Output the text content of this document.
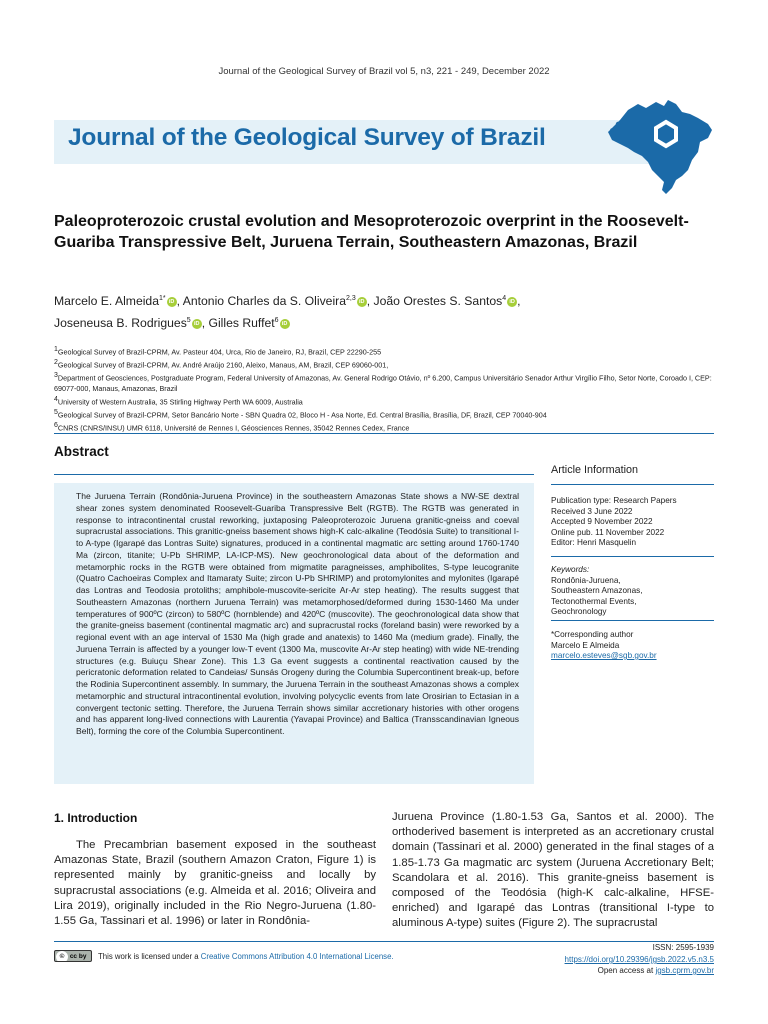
Journal of the Geological Survey of Brazil vol 5, n3, 221 - 249, December 2022
Journal of the Geological Survey of Brazil
Paleoproterozoic crustal evolution and Mesoproterozoic overprint in the Roosevelt-Guariba Transpressive Belt, Juruena Terrain, Southeastern Amazonas, Brazil
Marcelo E. Almeida$^{1*}$iD , Antonio Charles da S. Oliveira$^{2,3}$iD , João Orestes S. Santos$^4$iD ,
Joseneusa B. Rodrigues$^5$iD , Gilles Ruffet$^6$iD
$^1$Geological Survey of Brazil-CPRM, Av. Pasteur 404, Urca, Rio de Janeiro, RJ, Brazil, CEP 22290-255
$^2$Geological Survey of Brazil-CPRM, Av. André Araújo 2160, Aleixo, Manaus, AM, Brazil, CEP 69060-001,
$^3$Department of Geosciences, Postgraduate Program, Federal University of Amazonas, Av. General Rodrigo Otávio, nº 6.200, Campus Universitário Senador Arthur Virgílio Filho, Setor Norte, Coroado I, CEP: 69077-000, Manaus, Amazonas, Brazil
$^4$University of Western Australia, 35 Stirling Highway Perth WA 6009, Australia
$^5$Geological Survey of Brazil-CPRM, Setor Bancário Norte - SBN Quadra 02, Bloco H - Asa Norte, Ed. Central Brasília, Brasília, DF, Brazil, CEP 70040-904
$^6$CNRS (CNRS/INSU) UMR 6118, Université de Rennes I, Géosciences Rennes, 35042 Rennes Cedex, France
Abstract
The Juruena Terrain (Rondônia-Juruena Province) in the southeastern Amazonas State shows a NW-SE dextral shear zones system denominated Roosevelt-Guariba Transpressive Belt (RGTB). The RGTB was generated in response to intracontinental crustal reworking, juxtaposing Paleoproterozoic Juruena granitic-gneiss and coeval supracrustal associations. This granitic-gneiss basement shows high-K calc-alkaline (Teodósia Suite) to transitional I- to A-type (Igarapé das Lontras Suite) signatures, produced in a continental magmatic arc setting around 1760-1740 Ma (zircon, titanite; U-Pb SHRIMP, LA-ICP-MS). New geochronological data about of the deformation and metamorphic rocks in the RGTB were obtained from migmatite paragneisses, amphibolites, S-type leucogranite (Quatro Cachoeiras Complex and Itamaraty Suite; zircon U-Pb SHRIMP) and protomylonites and mylonites (Igarapé das Lontras and Teodosia protoliths; amphibole-muscovite-sericite Ar-Ar step heating). The results suggest that Southeastern Amazonas (northern Juruena Terrain) was metamorphosed/deformed during 1530-1460 Ma under temperatures of 900ºC (zircon) to 580ºC (hornblende) and 420ºC (muscovite). The geochronological data show that the granite-gneiss basement (continental magmatic arc) and supracrustal rocks (foreland basin) were reworked by a regional event with an age interval of 1530 Ma (high grade and anatexis) to 1460 Ma (medium grade). Finally, the Juruena Terrain is affected by a younger low-T event (1300 Ma, muscovite Ar-Ar step heating) with wide NE-trending structures (e.g. Buiuçu Shear Zone). This 1.3 Ga event suggests a continental reactivation caused by the pericratonic deformation related to Candeias/ Sunsás Orogeny during the Columbia Supercontinent break-up, before the Rodinia Supercontinent assembly. In summary, the Juruena Terrain in the southeast Amazonas shows a complex metamorphic and structural intracontinental evolution, involving polycyclic events from late Orosirian to Ectasian in a convergent tectonic setting. Therefore, the Juruena Terrain shows similar accretionary histories with other orogens and has apparent long-lived connections with Laurentia (Yavapai Province) and Baltica (Transscandinavian Igneous Belt), forming the core of the Columbia Supercontinent.
Article Information
Publication type: Research Papers
Received 3 June 2022
Accepted 9 November 2022
Online pub. 11 November 2022
Editor: Henri Masquelin
Keywords:
Rondônia-Juruena,
Southeastern Amazonas,
Tectonothermal Events,
Geochronology
*Corresponding author
Marcelo E Almeida
marcelo.esteves@sgb.gov.br
1. Introduction
The Precambrian basement exposed in the southeast Amazonas State, Brazil (southern Amazon Craton, Figure 1) is represented mainly by granitic-gneiss and locally by supracrustal associations (e.g. Almeida et al. 2016; Oliveira and Lira 2019), originally included in the Rio Negro-Juruena (1.80-1.55 Ga, Tassinari et al. 1996) or later in Rondônia-
Juruena Province (1.80-1.53 Ga, Santos et al. 2000). The orthoderived basement is interpreted as an accretionary crustal domain (Tassinari et al. 2000) generated in the final stages of a 1.85-1.73 Ga magmatic arc system (Juruena Accretionary Belt; Scandolara et al. 2016). This granite-gneiss basement is composed of the Teodósia (high-K calc-alkaline, HFSE-enriched) and Igarapé das Lontras (transitional I-type to aluminous A-type) suites (Figure 2). The supracrustal
© cc by	This work is licensed under a Creative Commons Attribution 4.0 International License.
ISSN: 2595-1939
https://doi.org/10.29396/jgsb.2022.v5.n3.5
Open access at jgsb.cprm.gov.br
